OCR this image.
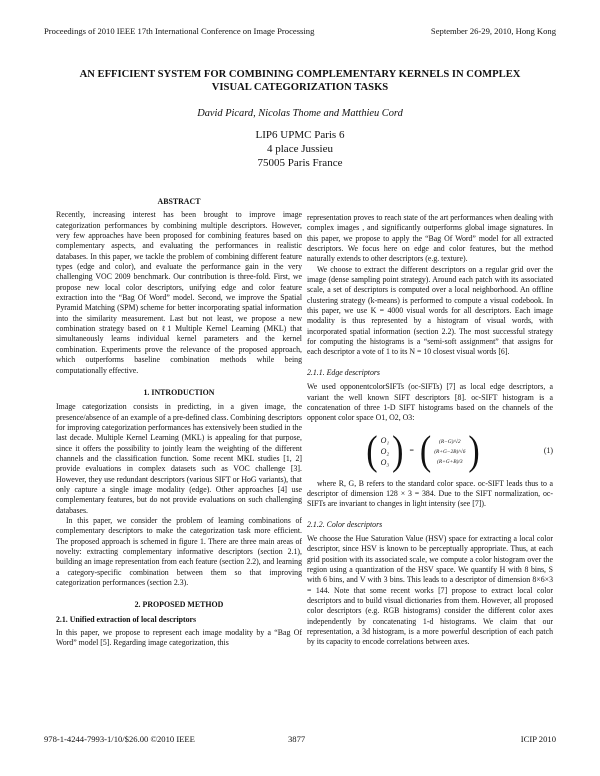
Proceedings of 2010 IEEE 17th International Conference on Image Processing	September 26-29, 2010, Hong Kong
AN EFFICIENT SYSTEM FOR COMBINING COMPLEMENTARY KERNELS IN COMPLEX
VISUAL CATEGORIZATION TASKS
David Picard, Nicolas Thome and Matthieu Cord
LIP6 UPMC Paris 6
4 place Jussieu
75005 Paris France

ABSTRACT

Recently, increasing interest has been brought to improve image categorization performances by combining multiple descriptors. However, very few approaches have been proposed for combining features based on complementary aspects, and evaluating the performances in realistic databases. In this paper, we tackle the problem of combining different feature types (edge and color), and evaluate the performance gain in the very challenging VOC 2009 benchmark. Our contribution is three-fold. First, we propose new local color descriptors, unifying edge and color feature extraction into the “Bag Of Word” model. Second, we improve the Spatial Pyramid Matching (SPM) scheme for better incorporating spatial information into the similarity measurement. Last but not least, we propose a new combination strategy based on ℓ1 Multiple Kernel Learning (MKL) that simultaneously learns individual kernel parameters and the kernel combination. Experiments prove the relevance of the proposed approach, which outperforms baseline combination methods while being computationally effective.

1. INTRODUCTION

Image categorization consists in predicting, in a given image, the presence/absence of an example of a pre-defined class. Combining descriptors for improving categorization performances has extensively been studied in the last decade. Multiple Kernel Learning (MKL) is appealing for that purpose, since it offers the possibility to jointly learn the weighting of the different channels and the classification function. Some recent MKL studies [1, 2] provide evaluations in complex datasets such as VOC challenge [3]. However, they use redundant descriptors (various SIFT or HoG variants), that only capture a single image modality (edge). Other approaches [4] use complementary features, but do not provide evaluations on such challenging databases.

In this paper, we consider the problem of learning combinations of complementary descriptors to make the categorization task more efficient. The proposed approach is schemed in figure 1. There are three main areas of novelty: extracting complementary informative descriptors (section 2.1), building an image representation from each feature (section 2.2), and learning a category-specific combination between them so that improving categorization performances (section 2.3).

2. PROPOSED METHOD

2.1. Unified extraction of local descriptors

In this paper, we propose to represent each image modality by a “Bag Of Word” model [5]. Regarding image categorization, this

representation proves to reach state of the art performances when dealing with complex images , and significantly outperforms global image signatures. In this paper, we propose to apply the “Bag Of Word” model for all extracted descriptors. We focus here on edge and color features, but the method naturally extends to other descriptors (e.g. texture).

We choose to extract the different descriptors on a regular grid over the image (dense sampling point strategy). Around each patch with its associated scale, a set of descriptors is computed over a local neighborhood. An offline clustering strategy (k-means) is performed to compute a visual codebook. In this paper, we use K = 4000 visual words for all descriptors. Each image modality is thus represented by a histogram of visual words, with incorporated spatial information (section 2.2). The most successful strategy for computing the histograms is a “semi-soft assignment” that assigns for each descriptor a vote of 1 to its N = 10 closest visual words [6].

2.1.1. Edge descriptors

We used opponentcolorSIFTs (oc-SIFTs) [7] as local edge descriptors, a variant the well known SIFT descriptors [8]. oc-SIFT histogram is a concatenation of three 1-D SIFT histograms based on the channels of the opponent color space O1, O2, O3:

( O₁
O₂
O₃ ) = ( (R−G)/√2
(R+G−2B)/√6
(R+G+B)/3 )	(1)

where R, G, B refers to the standard color space. oc-SIFT leads thus to a descriptor of dimension 128 × 3 = 384. Due to the SIFT normalization, oc-SIFTs are invariant to changes in light intensity (see [7]).

2.1.2. Color descriptors

We choose the Hue Saturation Value (HSV) space for extracting a local color descriptor, since HSV is known to be perceptually appropriate. Thus, at each grid position with its associated scale, we compute a color histogram over the region using a quantization of the HSV space. We quantify H with 8 bins, S with 6 bins, and V with 3 bins. This leads to a descriptor of dimension 8×6×3 = 144. Note that some recent works [7] propose to extract local color descriptors and to build visual dictionaries from them. However, all proposed color descriptors (e.g. RGB histograms) consider the different color axes independently by concatenating 1-d histograms. We claim that our representation, a 3d histogram, is a more powerful description of each patch by its capacity to encode correlations between axes.

978-1-4244-7993-1/10/$26.00 ©2010 IEEE	3877	ICIP 2010
